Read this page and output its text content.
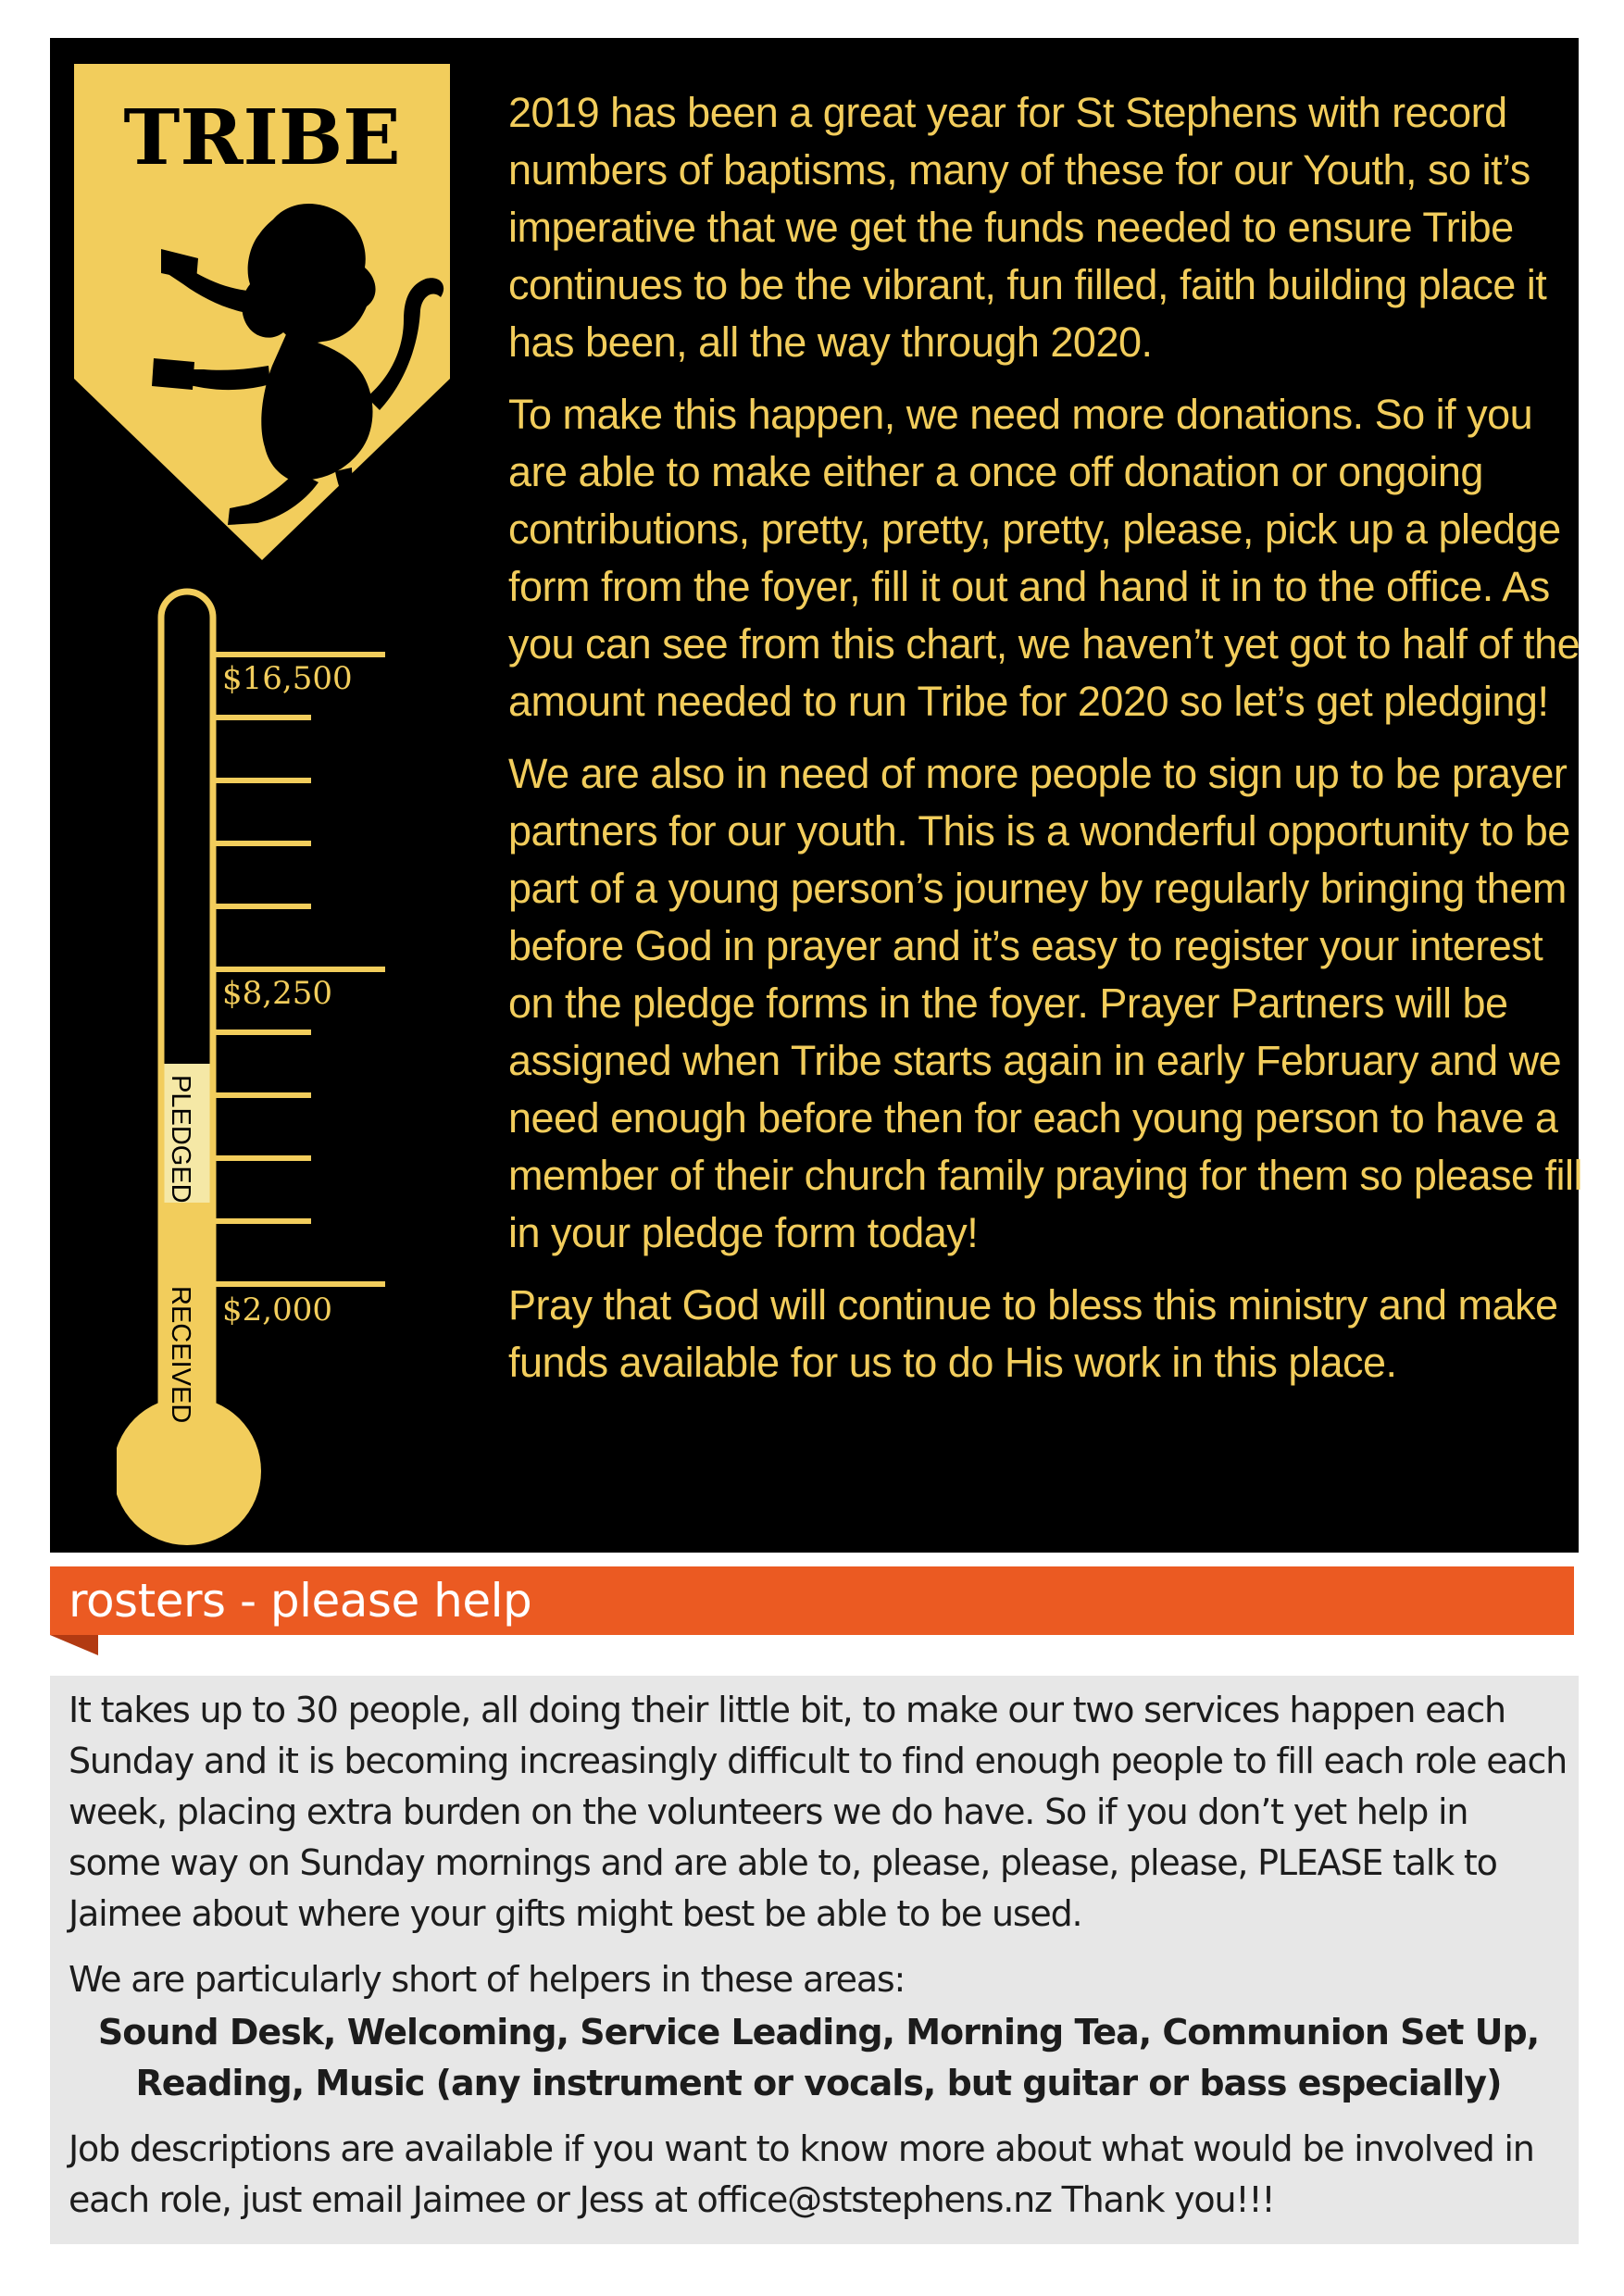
TRIBE
$16,500
$8,250
$2,000
PLEDGED
RECEIVED

2019 has been a great year for St Stephens with record numbers of baptisms, many of these for our Youth, so it’s imperative that we get the funds needed to ensure Tribe continues to be the vibrant, fun filled, faith building place it has been, all the way through 2020.

To make this happen, we need more donations. So if you are able to make either a once off donation or ongoing contributions, pretty, pretty, pretty, please, pick up a pledge form from the foyer, fill it out and hand it in to the office. As you can see from this chart, we haven’t yet got to half of the amount needed to run Tribe for 2020 so let’s get pledging!

We are also in need of more people to sign up to be prayer partners for our youth. This is a wonderful opportunity to be part of a young person’s journey by regularly bringing them before God in prayer and it’s easy to register your interest on the pledge forms in the foyer. Prayer Partners will be assigned when Tribe starts again in early February and we need enough before then for each young person to have a member of their church family praying for them so please fill in your pledge form today!

Pray that God will continue to bless this ministry and make funds available for us to do His work in this place.

rosters - please help

It takes up to 30 people, all doing their little bit, to make our two services happen each Sunday and it is becoming increasingly difficult to find enough people to fill each role each week, placing extra burden on the volunteers we do have. So if you don’t yet help in some way on Sunday mornings and are able to, please, please, please, PLEASE talk to Jaimee about where your gifts might best be able to be used.

We are particularly short of helpers in these areas:

Sound Desk, Welcoming, Service Leading, Morning Tea, Communion Set Up, Reading, Music (any instrument or vocals, but guitar or bass especially)

Job descriptions are available if you want to know more about what would be involved in each role, just email Jaimee or Jess at office@ststephens.nz Thank you!!!
